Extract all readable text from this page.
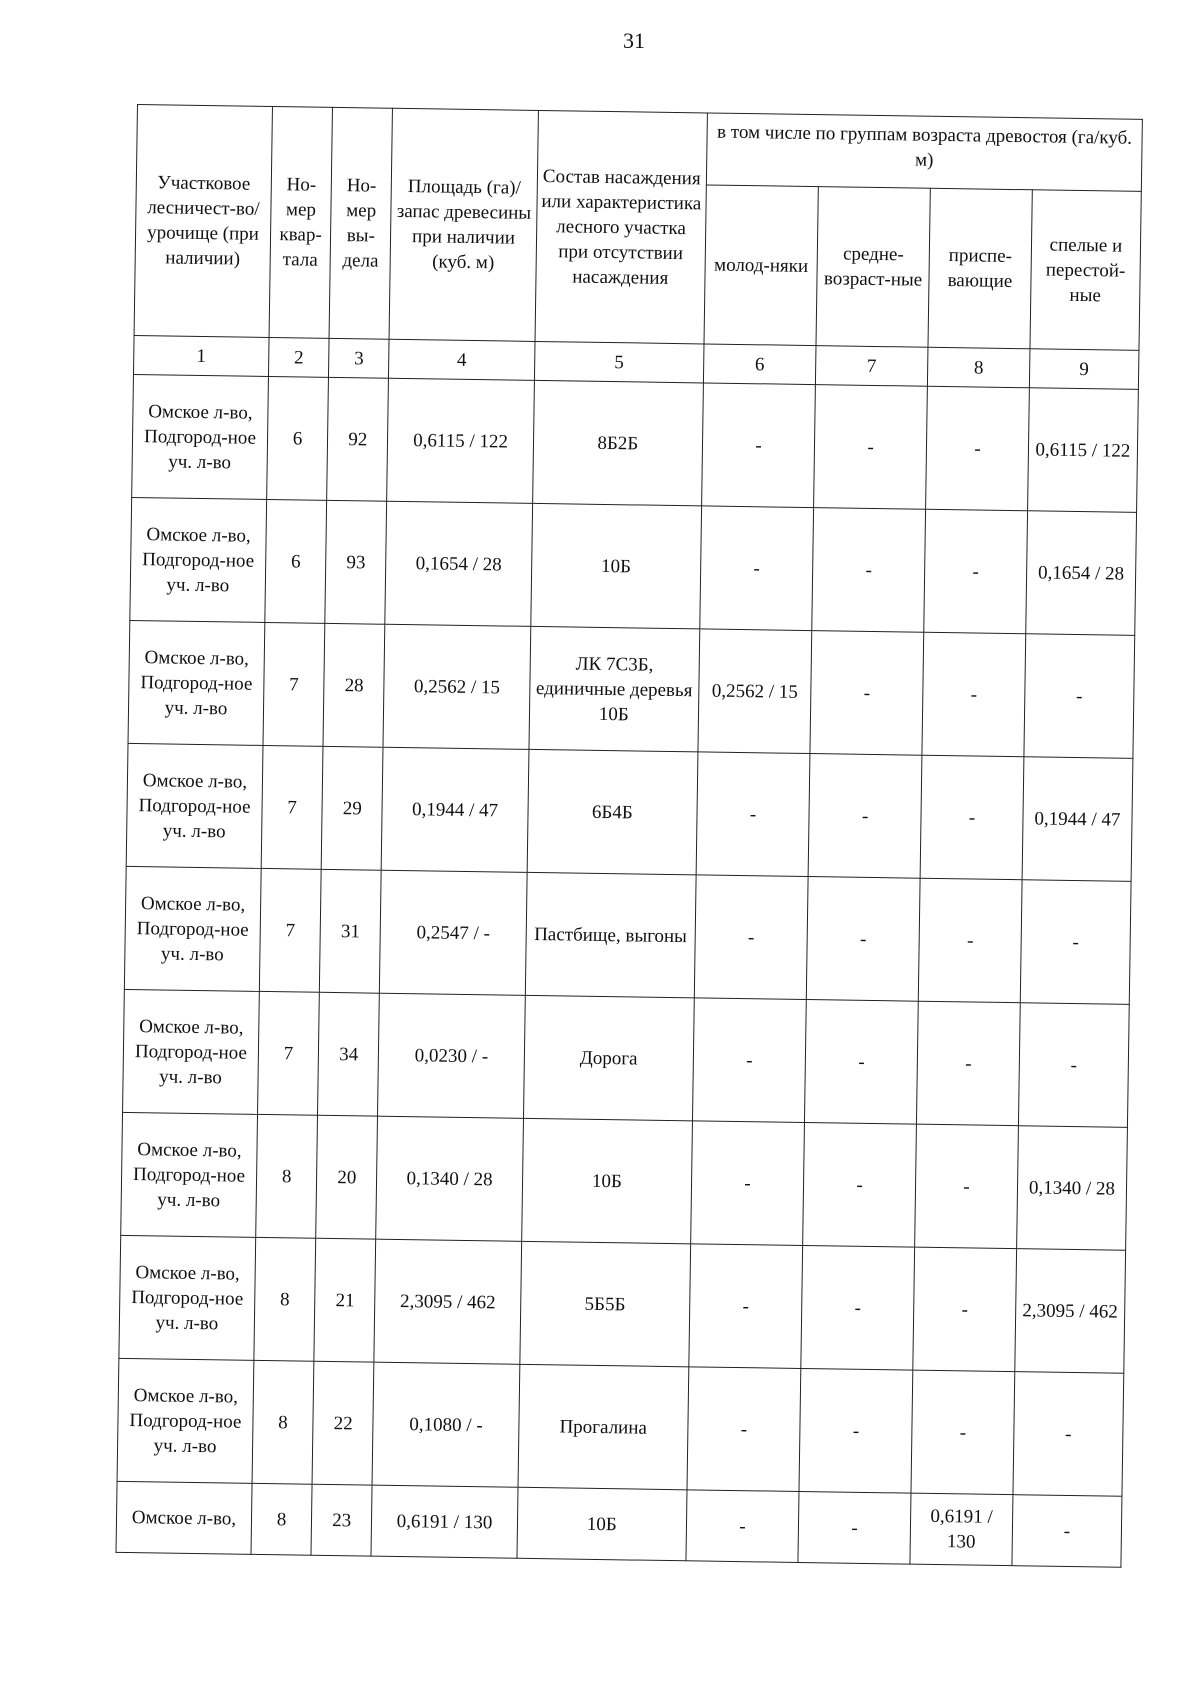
31
Участковое лесничест-во/урочище (при наличии)	Но-мер квар-тала	Но-мер вы-дела	Площадь (га)/запас древесины при наличии (куб. м)	Состав насаждения или характеристика лесного участка при отсутствии насаждения	в том числе по группам возраста древостоя (га/куб. м)			
					молод-няки	средне-возраст-ные	приспе-вающие	спелые и перестой-ные
1	2	3	4	5	6	7	8	9
Омское л-во, Подгород-ное уч. л-во	6	92	0,6115 / 122	8Б2Б	-	-	-	0,6115 / 122
Омское л-во, Подгород-ное уч. л-во	6	93	0,1654 / 28	10Б	-	-	-	0,1654 / 28
Омское л-во, Подгород-ное уч. л-во	7	28	0,2562 / 15	ЛК 7С3Б, единичные деревья 10Б	0,2562 / 15	-	-	-
Омское л-во, Подгород-ное уч. л-во	7	29	0,1944 / 47	6Б4Б	-	-	-	0,1944 / 47
Омское л-во, Подгород-ное уч. л-во	7	31	0,2547 / -	Пастбище, выгоны	-	-	-	-
Омское л-во, Подгород-ное уч. л-во	7	34	0,0230 / -	Дорога	-	-	-	-
Омское л-во, Подгород-ное уч. л-во	8	20	0,1340 / 28	10Б	-	-	-	0,1340 / 28
Омское л-во, Подгород-ное уч. л-во	8	21	2,3095 / 462	5Б5Б	-	-	-	2,3095 / 462
Омское л-во, Подгород-ное уч. л-во	8	22	0,1080 / -	Прогалина	-	-	-	-
Омское л-во,	8	23	0,6191 / 130	10Б	-	-	0,6191 / 130	-
